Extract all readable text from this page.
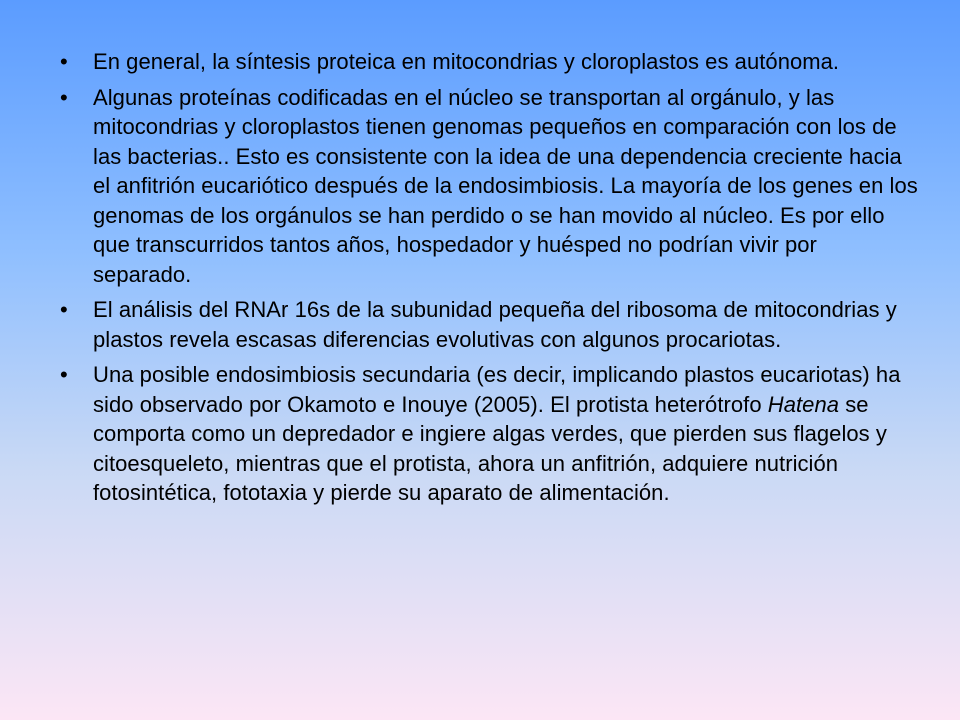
• En general, la síntesis proteica en mitocondrias y cloroplastos es autónoma.
• Algunas proteínas codificadas en el núcleo se transportan al orgánulo, y las mitocondrias y cloroplastos tienen genomas pequeños en comparación con los de las bacterias.. Esto es consistente con la idea de una dependencia creciente hacia el anfitrión eucariótico después de la endosimbiosis. La mayoría de los genes en los genomas de los orgánulos se han perdido o se han movido al núcleo. Es por ello que transcurridos tantos años, hospedador y huésped no podrían vivir por separado.
• El análisis del RNAr 16s de la subunidad pequeña del ribosoma de mitocondrias y plastos revela escasas diferencias evolutivas con algunos procariotas.
• Una posible endosimbiosis secundaria (es decir, implicando plastos eucariotas) ha sido observado por Okamoto e Inouye (2005). El protista heterótrofo Hatena se comporta como un depredador e ingiere algas verdes, que pierden sus flagelos y citoesqueleto, mientras que el protista, ahora un anfitrión, adquiere nutrición fotosintética, fototaxia y pierde su aparato de alimentación.
